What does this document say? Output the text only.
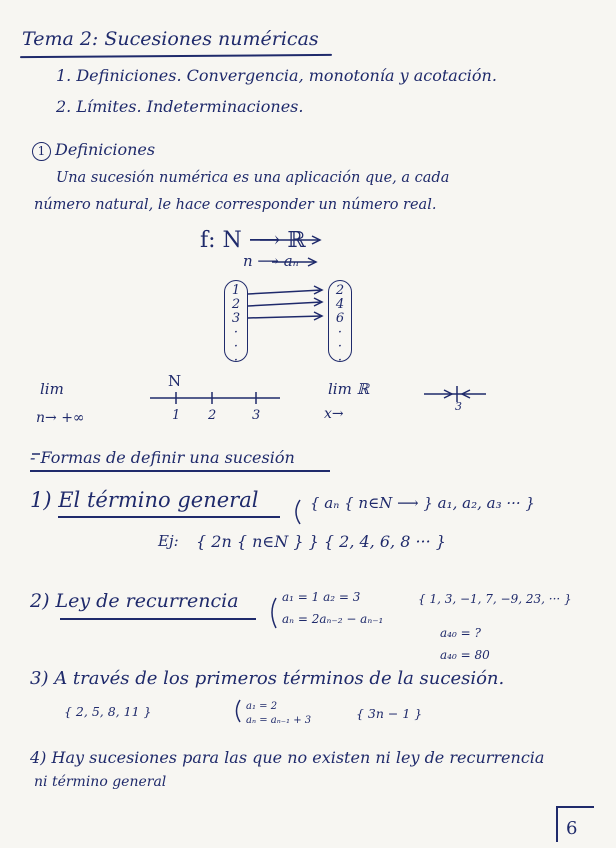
Tema 2: Sucesiones numéricas
1. Definiciones. Convergencia, monotonía y acotación.
2. Límites. Indeterminaciones.
1 Definiciones
Una sucesión numérica es una aplicación que, a cada
número natural, le hace corresponder un número real.
f: N ⟶ ℝ
n ⟶ aₙ
1
2
3
·
·
·
2
4
6
·
·
·
lim
n→ +∞
N
1 2	3
lim ℝ
x→	3
- Formas de definir una sucesión
1) El término general	{ aₙ { n∈N ⟶ } a₁, a₂, a₃ ··· }
Ej: { 2n { n∈N } } { 2, 4, 6, 8 ··· }
2) Ley de recurrencia	a₁ = 1 a₂ = 3
aₙ = 2aₙ₋₂ − aₙ₋₁
{ 1, 3, −1, 7, −9, 23, ··· }
a₄₀ = ?
a₄₀ = 80
3) A través de los primeros términos de la sucesión.
{ 2, 5, 8, 11 }	a₁ = 2
aₙ = aₙ₋₁ + 3	{ 3n − 1 }
4) Hay sucesiones para las que no existen ni ley de recurrencia
ni término general
6
